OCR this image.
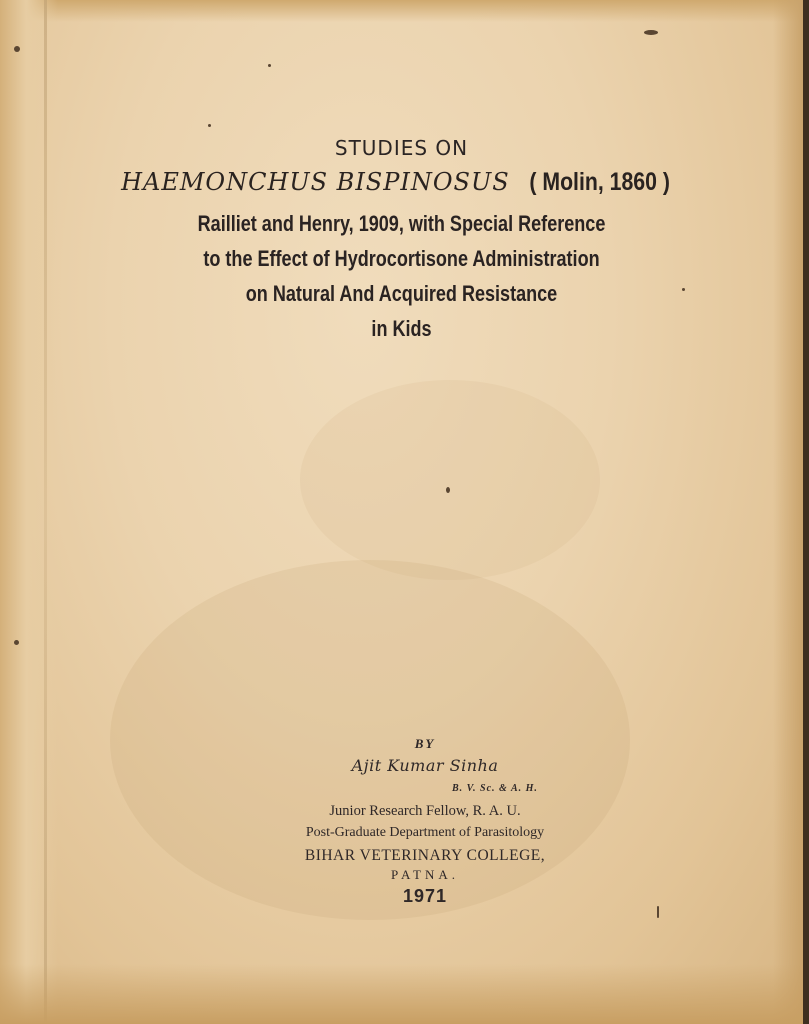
STUDIES ON
HAEMONCHUS BISPINOSUS ( Molin, 1860 )
Railliet and Henry, 1909, with Special Reference
to the Effect of Hydrocortisone Administration
on Natural And Acquired Resistance
in Kids
BY
Ajit Kumar Sinha
B. V. Sc. & A. H.
Junior Research Fellow, R. A. U.
Post-Graduate Department of Parasitology
BIHAR VETERINARY COLLEGE,
PATNA.
1971
